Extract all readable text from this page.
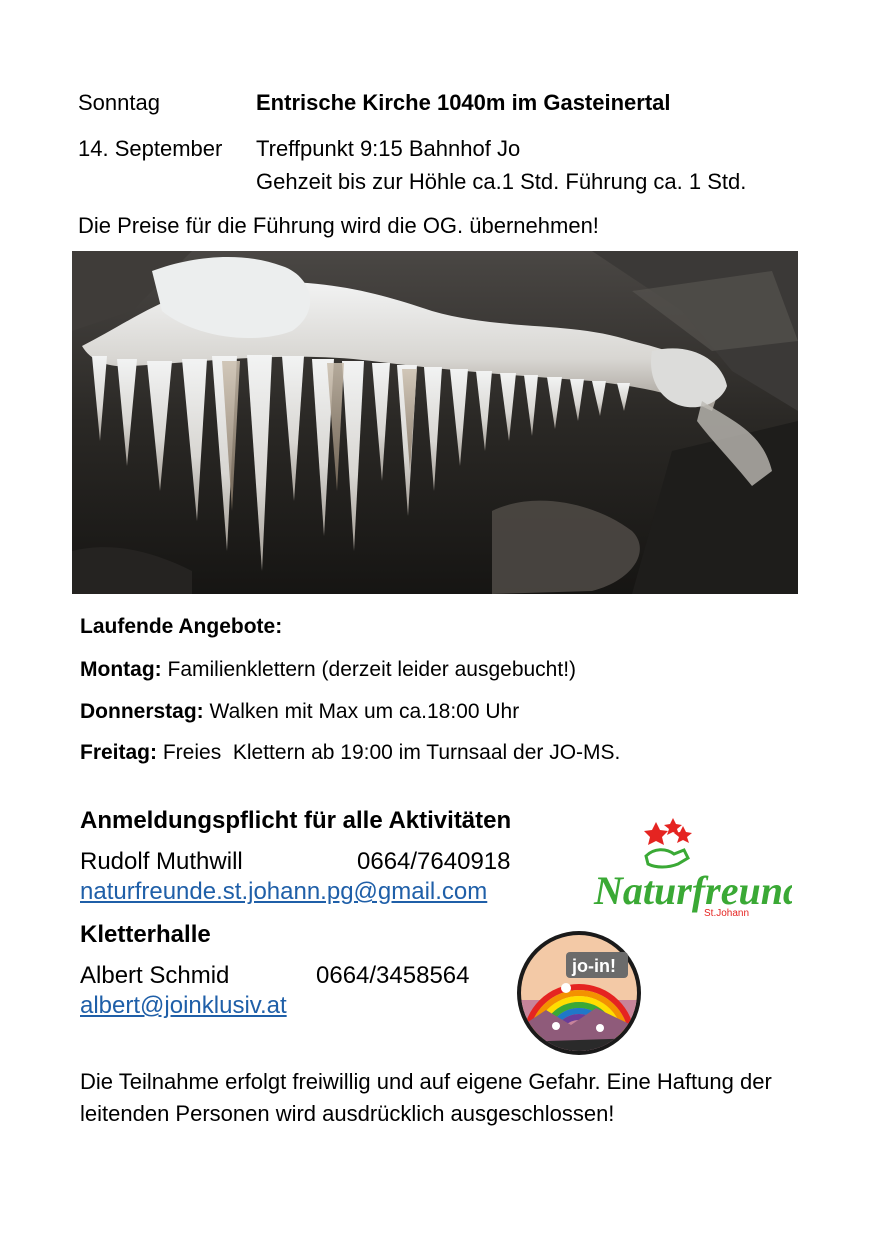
Sonntag	Entrische Kirche 1040m im Gasteinertal
14. September Treffpunkt 9:15 Bahnhof Jo
Gehzeit bis zur Höhle ca.1 Std. Führung ca. 1 Std.
Die Preise für die Führung wird die OG. übernehmen!
Laufende Angebote:
Montag: Familienklettern (derzeit leider ausgebucht!)
Donnerstag: Walken mit Max um ca.18:00 Uhr
Freitag: Freies  Klettern ab 19:00 im Turnsaal der JO-MS.
Anmeldungspflicht für alle Aktivitäten
Rudolf Muthwill	0664/7640918
naturfreunde.st.johann.pg@gmail.com
Kletterhalle
Albert Schmid	0664/3458564
albert@joinklusiv.at
Naturfreun
St.Johann
jo-in!
Die Teilnahme erfolgt freiwillig und auf eigene Gefahr. Eine Haftung der leitenden Personen wird ausdrücklich ausgeschlossen!
